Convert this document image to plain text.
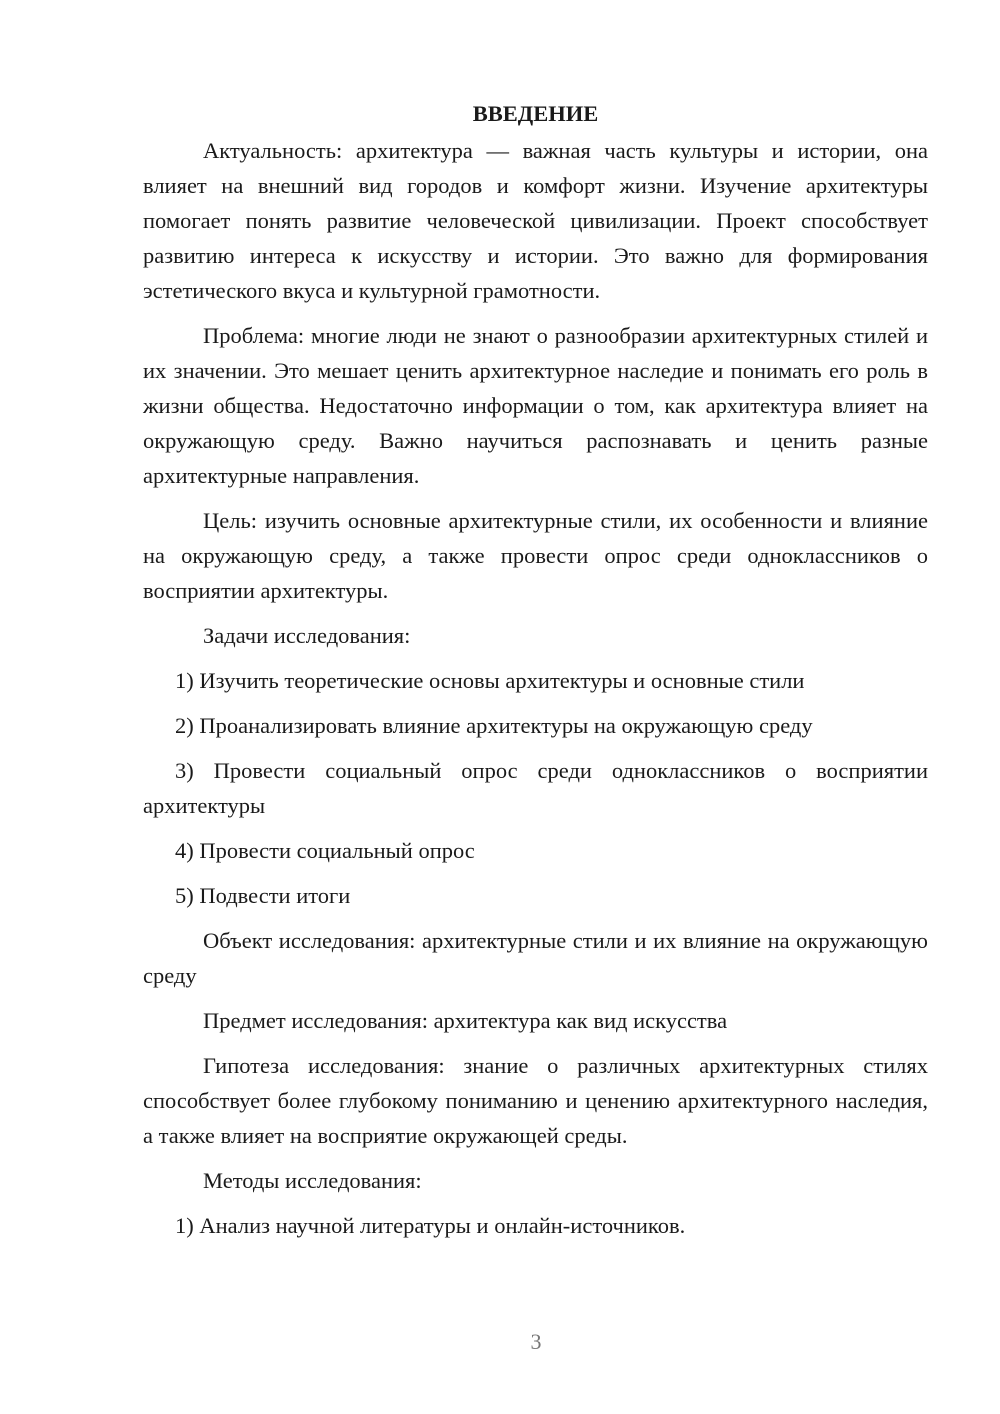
ВВЕДЕНИЕ

Актуальность: архитектура — важная часть культуры и истории, она влияет на внешний вид городов и комфорт жизни. Изучение архитектуры помогает понять развитие человеческой цивилизации. Проект способствует развитию интереса к искусству и истории. Это важно для формирования эстетического вкуса и культурной грамотности.

Проблема: многие люди не знают о разнообразии архитектурных стилей и их значении. Это мешает ценить архитектурное наследие и понимать его роль в жизни общества. Недостаточно информации о том, как архитектура влияет на окружающую среду. Важно научиться распознавать и ценить разные архитектурные направления.

Цель: изучить основные архитектурные стили, их особенности и влияние на окружающую среду, а также провести опрос среди одноклассников о восприятии архитектуры.

Задачи исследования:

1) Изучить теоретические основы архитектуры и основные стили

2) Проанализировать влияние архитектуры на окружающую среду

3) Провести социальный опрос среди одноклассников о восприятии архитектуры

4) Провести социальный опрос

5) Подвести итоги

Объект исследования: архитектурные стили и их влияние на окружающую среду

Предмет исследования: архитектура как вид искусства

Гипотеза исследования: знание о различных архитектурных стилях способствует более глубокому пониманию и ценению архитектурного наследия, а также влияет на восприятие окружающей среды.

Методы исследования:

1) Анализ научной литературы и онлайн-источников.

3
